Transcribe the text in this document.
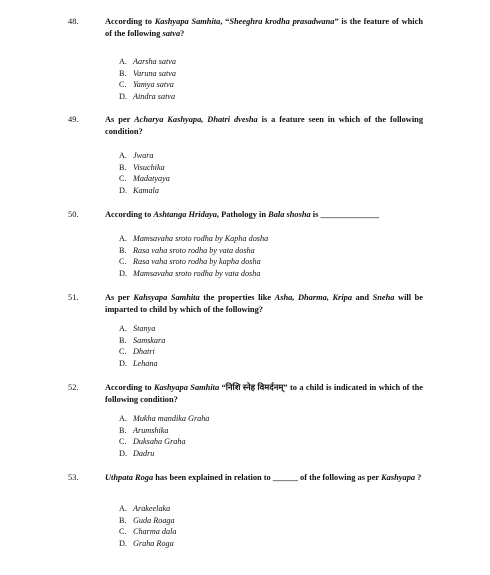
48.	According to Kashyapa Samhita, “Sheeghra krodha prasadwana” is the feature of which of the following satva?
A. Aarsha satva
B. Varuna satva
C. Yamya satva
D. Aindra satva
49.	As per Acharya Kashyapa, Dhatri dvesha is a feature seen in which of the following condition?
A. Jwara
B. Visuchika
C. Madatyaya
D. Kamala
50.	According to Ashtanga Hridaya, Pathology in Bala shosha is ______________
A. Mamsavaha sroto rodha by Kapha dosha
B. Rasa vaha sroto rodha by vata dosha
C. Rasa vaha sroto rodha by kapha dosha
D. Mamsavaha sroto rodha by vata dosha
51.	As per Kahsyapa Samhita the properties like Asha, Dharma, Kripa and Sneha will be imparted to child by which of the following?
A. Stanya
B. Samskara
C. Dhatri
D. Lehana
52.	According to Kashyapa Samhita “निशि स्नेह विमर्दनम्” to a child is indicated in which of the following condition?
A. Mukha mandika Graha
B. Arumshika
C. Duksaha Graha
D. Dadru
53.	Uthpata Roga has been explained in relation to ______ of the following as per Kashyapa ?
A. Arakeelaka
B. Guda Roaga
C. Charma dala
D. Graha Roga
